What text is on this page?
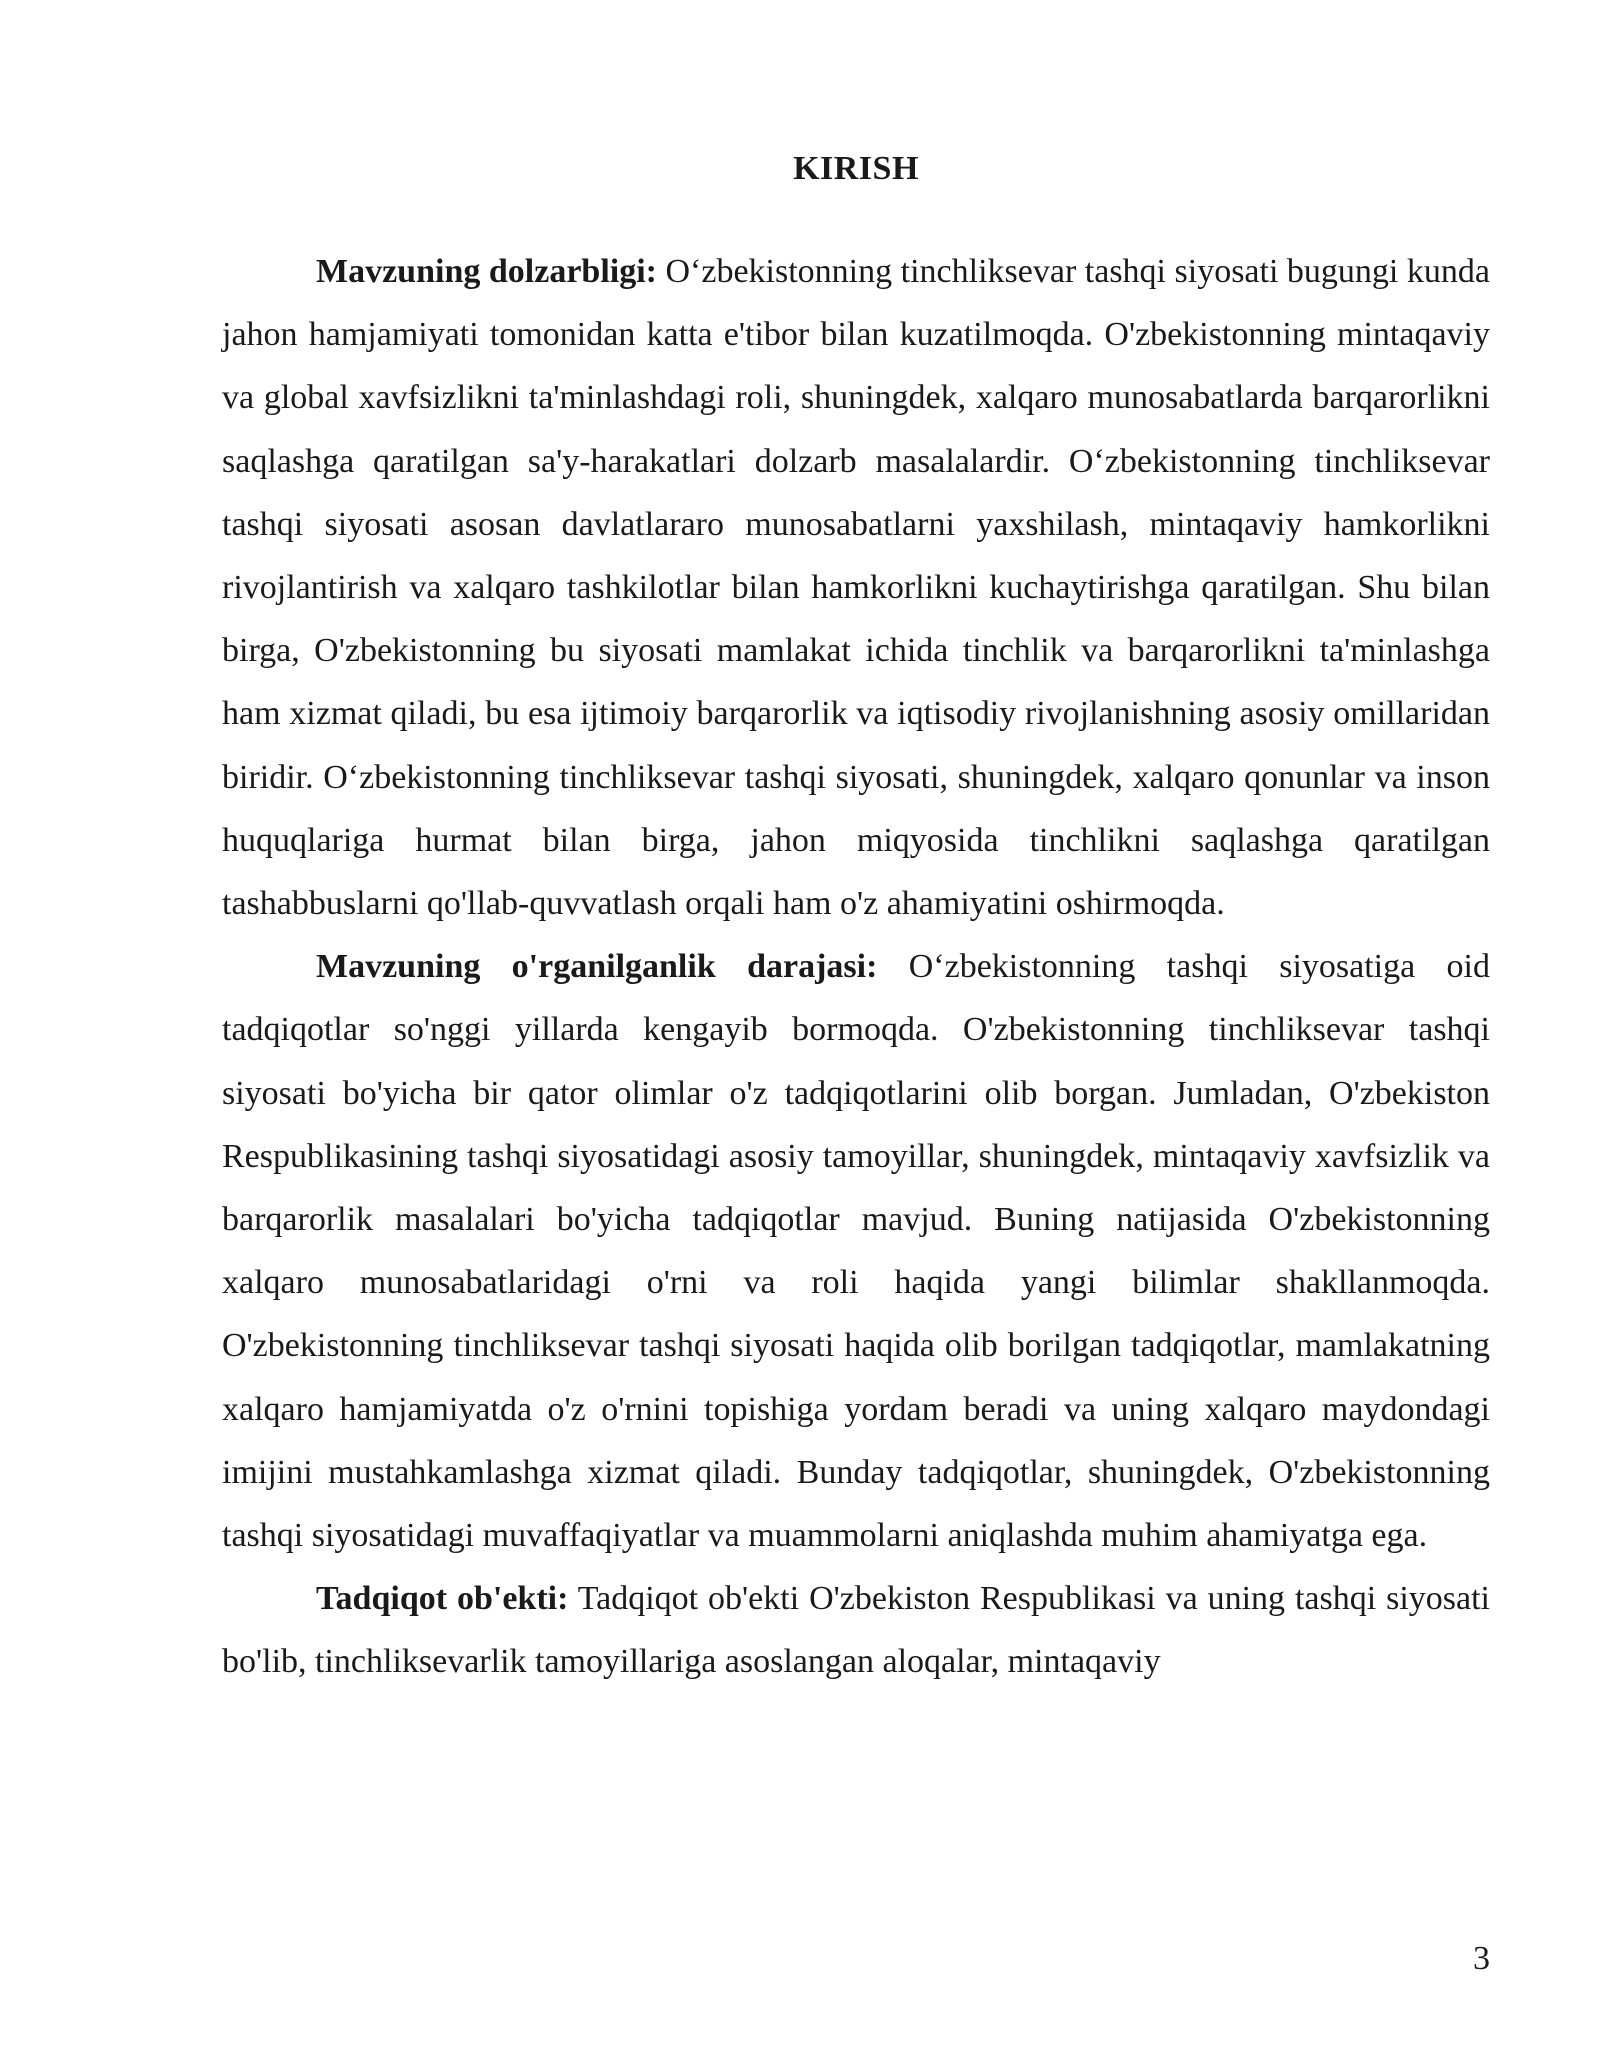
KIRISH

Mavzuning dolzarbligi: O‘zbekistonning tinchliksevar tashqi siyosati bugungi kunda jahon hamjamiyati tomonidan katta e'tibor bilan kuzatilmoqda. O'zbekistonning mintaqaviy va global xavfsizlikni ta'minlashdagi roli, shuningdek, xalqaro munosabatlarda barqarorlikni saqlashga qaratilgan sa'y-harakatlari dolzarb masalalardir. O‘zbekistonning tinchliksevar tashqi siyosati asosan davlatlararo munosabatlarni yaxshilash, mintaqaviy hamkorlikni rivojlantirish va xalqaro tashkilotlar bilan hamkorlikni kuchaytirishga qaratilgan. Shu bilan birga, O'zbekistonning bu siyosati mamlakat ichida tinchlik va barqarorlikni ta'minlashga ham xizmat qiladi, bu esa ijtimoiy barqarorlik va iqtisodiy rivojlanishning asosiy omillaridan biridir. O‘zbekistonning tinchliksevar tashqi siyosati, shuningdek, xalqaro qonunlar va inson huquqlariga hurmat bilan birga, jahon miqyosida tinchlikni saqlashga qaratilgan tashabbuslarni qo'llab-quvvatlash orqali ham o'z ahamiyatini oshirmoqda.

Mavzuning o'rganilganlik darajasi: O‘zbekistonning tashqi siyosatiga oid tadqiqotlar so'nggi yillarda kengayib bormoqda. O'zbekistonning tinchliksevar tashqi siyosati bo'yicha bir qator olimlar o'z tadqiqotlarini olib borgan. Jumladan, O'zbekiston Respublikasining tashqi siyosatidagi asosiy tamoyillar, shuningdek, mintaqaviy xavfsizlik va barqarorlik masalalari bo'yicha tadqiqotlar mavjud. Buning natijasida O'zbekistonning xalqaro munosabatlaridagi o'rni va roli haqida yangi bilimlar shakllanmoqda. O'zbekistonning tinchliksevar tashqi siyosati haqida olib borilgan tadqiqotlar, mamlakatning xalqaro hamjamiyatda o'z o'rnini topishiga yordam beradi va uning xalqaro maydondagi imijini mustahkamlashga xizmat qiladi. Bunday tadqiqotlar, shuningdek, O'zbekistonning tashqi siyosatidagi muvaffaqiyatlar va muammolarni aniqlashda muhim ahamiyatga ega.

Tadqiqot ob'ekti: Tadqiqot ob'ekti O'zbekiston Respublikasi va uning tashqi siyosati bo'lib, tinchliksevarlik tamoyillariga asoslangan aloqalar, mintaqaviy

3
